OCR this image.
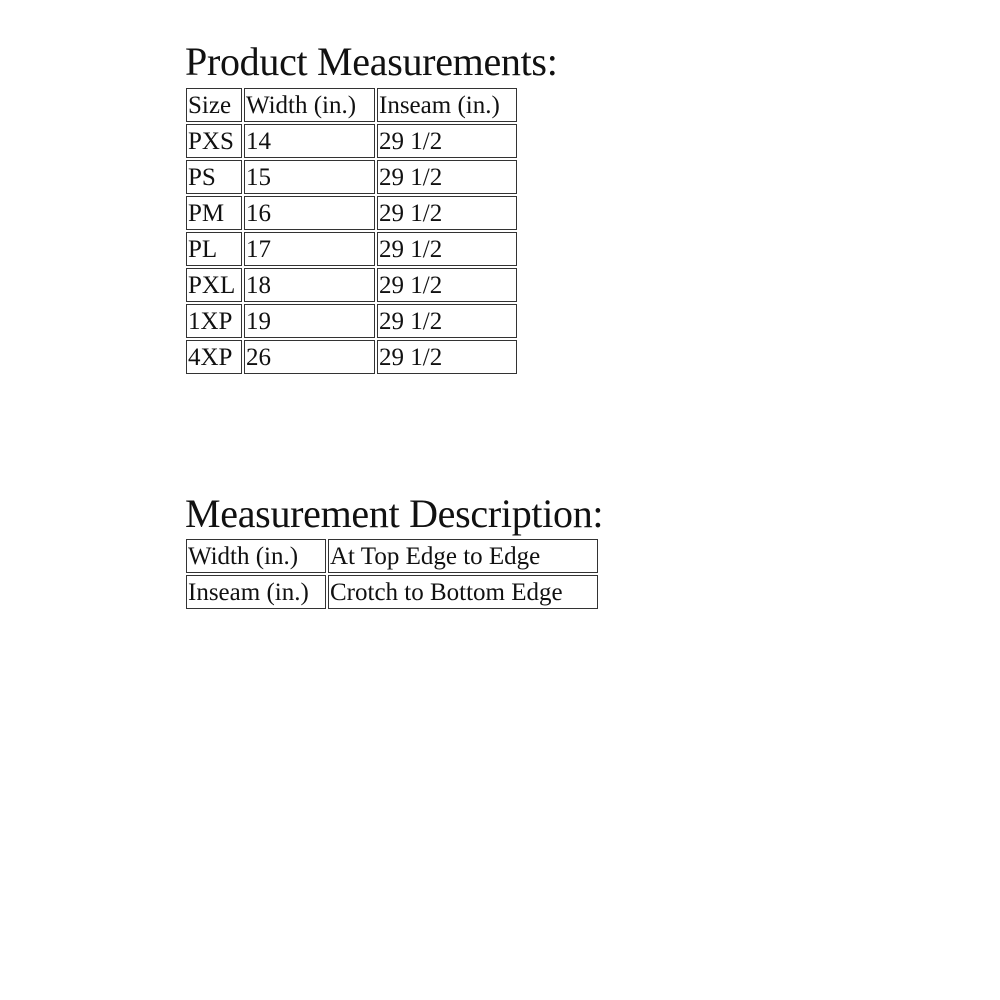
Product Measurements:
Size	Width (in.)	Inseam (in.)
PXS	14	29 1/2
PS	15	29 1/2
PM	16	29 1/2
PL	17	29 1/2
PXL	18	29 1/2
1XP	19	29 1/2
4XP	26	29 1/2
Measurement Description:
Width (in.)	At Top Edge to Edge
Inseam (in.)	Crotch to Bottom Edge
